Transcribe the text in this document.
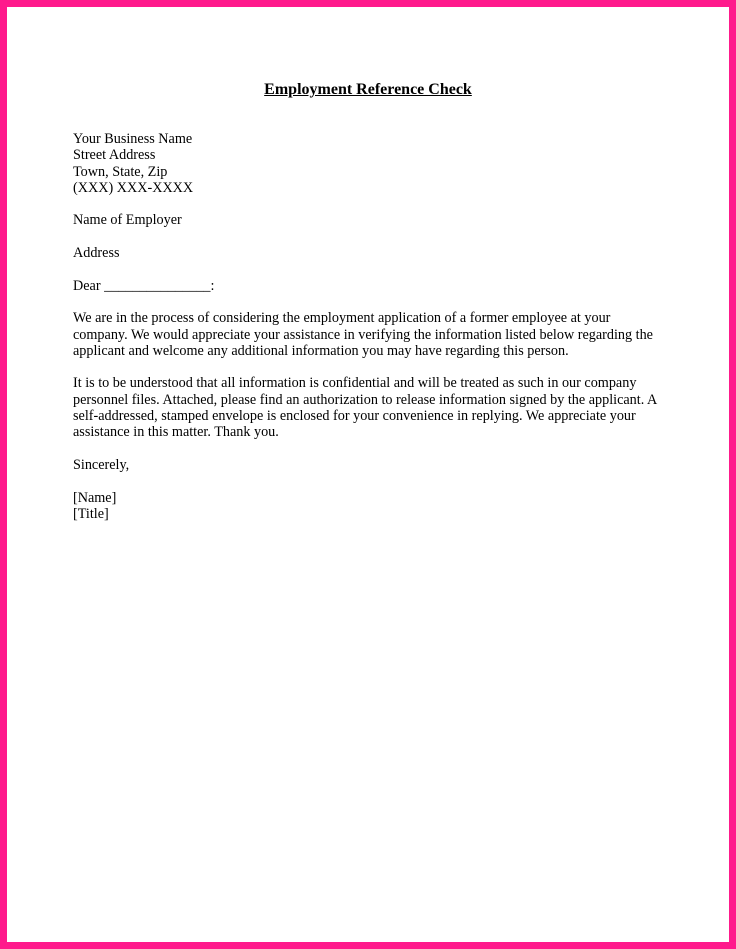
Employment Reference Check
Your Business Name
Street Address
Town, State, Zip
(XXX) XXX-XXXX
Name of Employer
Address
Dear _______________:
We are in the process of considering the employment application of a former employee at your
company. We would appreciate your assistance in verifying the information listed below regarding the
applicant and welcome any additional information you may have regarding this person.
It is to be understood that all information is confidential and will be treated as such in our company
personnel files. Attached, please find an authorization to release information signed by the applicant. A
self-addressed, stamped envelope is enclosed for your convenience in replying. We appreciate your
assistance in this matter. Thank you.
Sincerely,
[Name]
[Title]
